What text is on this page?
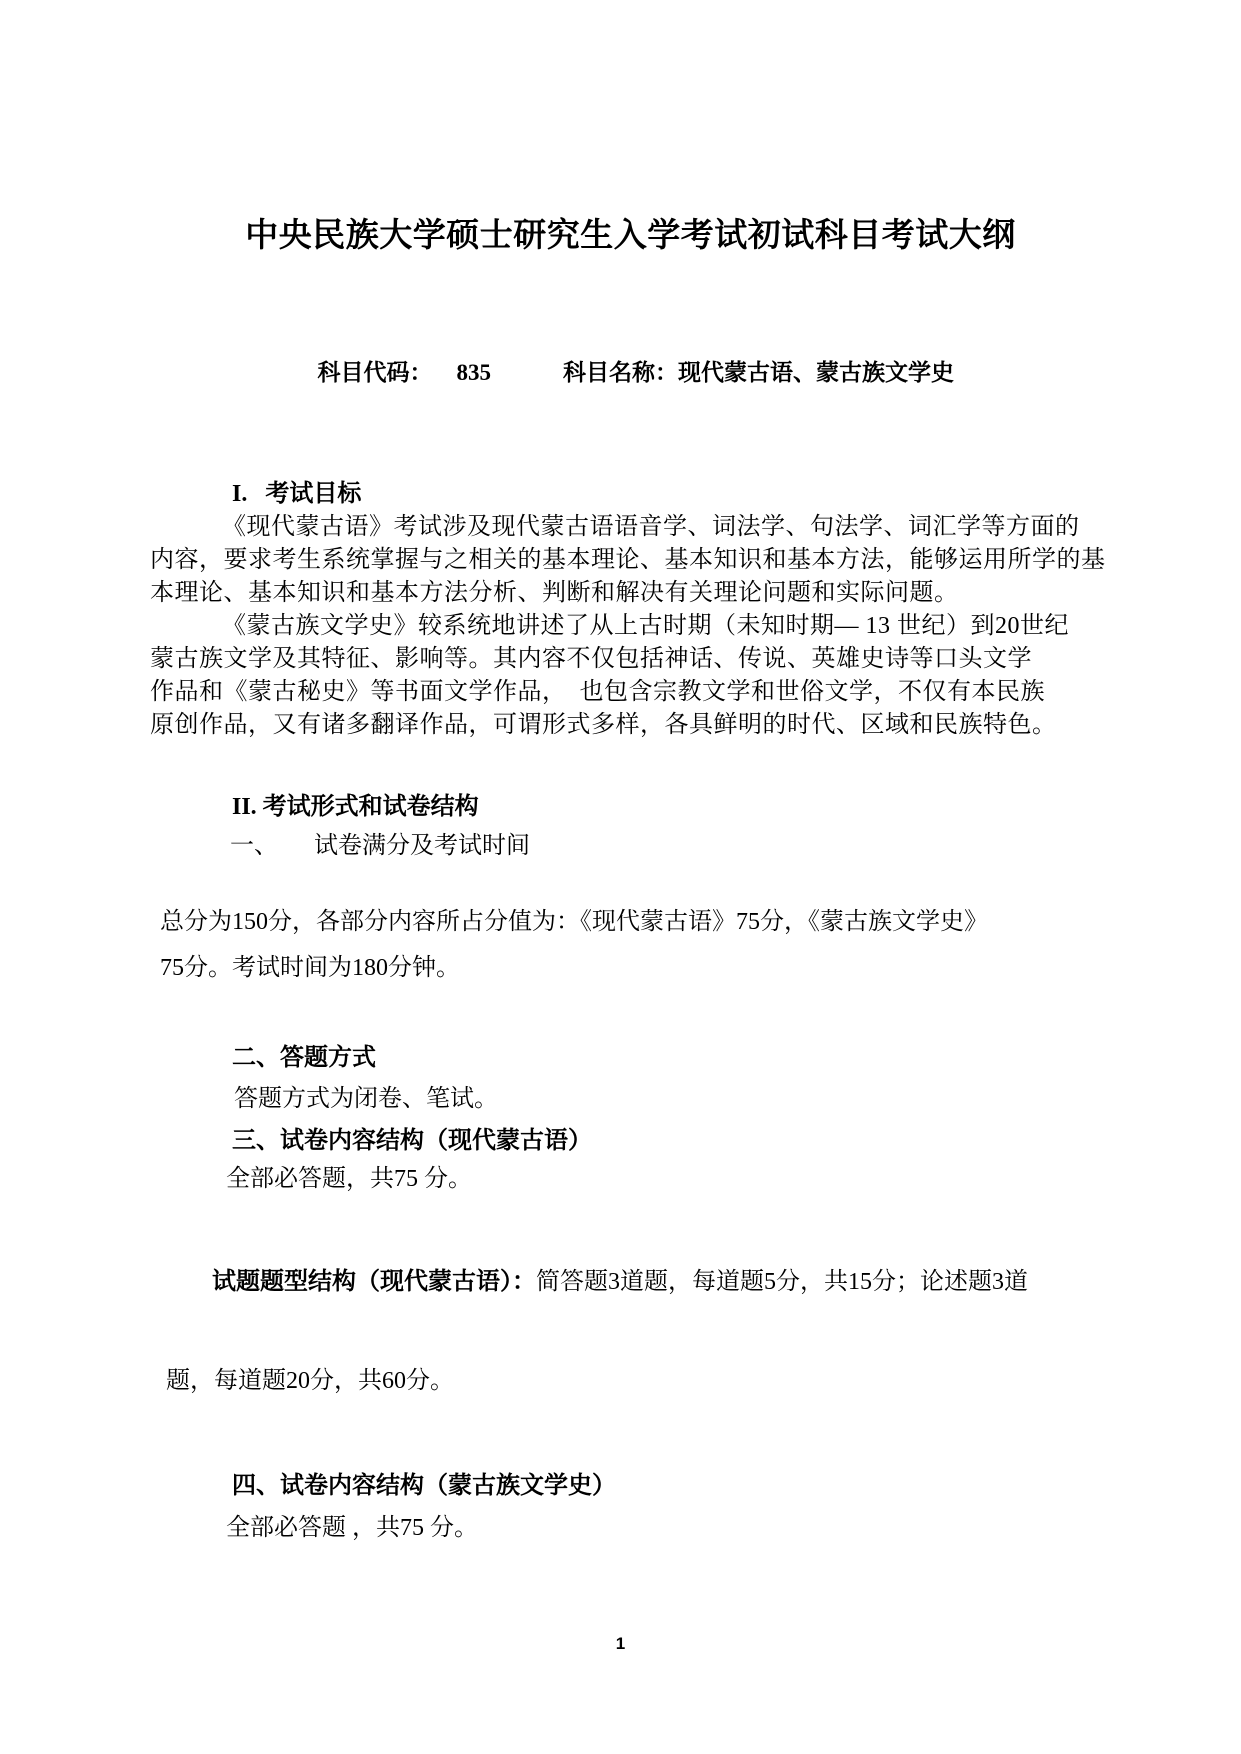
中央民族大学硕士研究生入学考试初试科目考试大纲

科目代码： 835	科目名称：现代蒙古语、蒙古族文学史

I.   考试目标
《现代蒙古语》考试涉及现代蒙古语语音学、词法学、句法学、词汇学等方面的
内容，要求考生系统掌握与之相关的基本理论、基本知识和基本方法，能够运用所学的基
本理论、基本知识和基本方法分析、判断和解决有关理论问题和实际问题。
《蒙古族文学史》较系统地讲述了从上古时期（未知时期— 13 世纪）到20世纪
蒙古族文学及其特征、影响等。其内容不仅包括神话、传说、英雄史诗等口头文学
作品和《蒙古秘史》等书面文学作品，  也包含宗教文学和世俗文学，不仅有本民族
原创作品，又有诸多翻译作品，可谓形式多样，各具鲜明的时代、区域和民族特色。
II. 考试形式和试卷结构
一、      试卷满分及考试时间
总分为150分，各部分内容所占分值为：《现代蒙古语》75分，《蒙古族文学史》
75分。考试时间为180分钟。
二、答题方式
答题方式为闭卷、笔试。
三、试卷内容结构（现代蒙古语）
全部必答题，共75 分。

试题题型结构（现代蒙古语）：简答题3道题，每道题5分，共15分；论述题3道

题，每道题20分，共60分。

四、试卷内容结构（蒙古族文学史）
全部必答题 ，共75 分。
1
